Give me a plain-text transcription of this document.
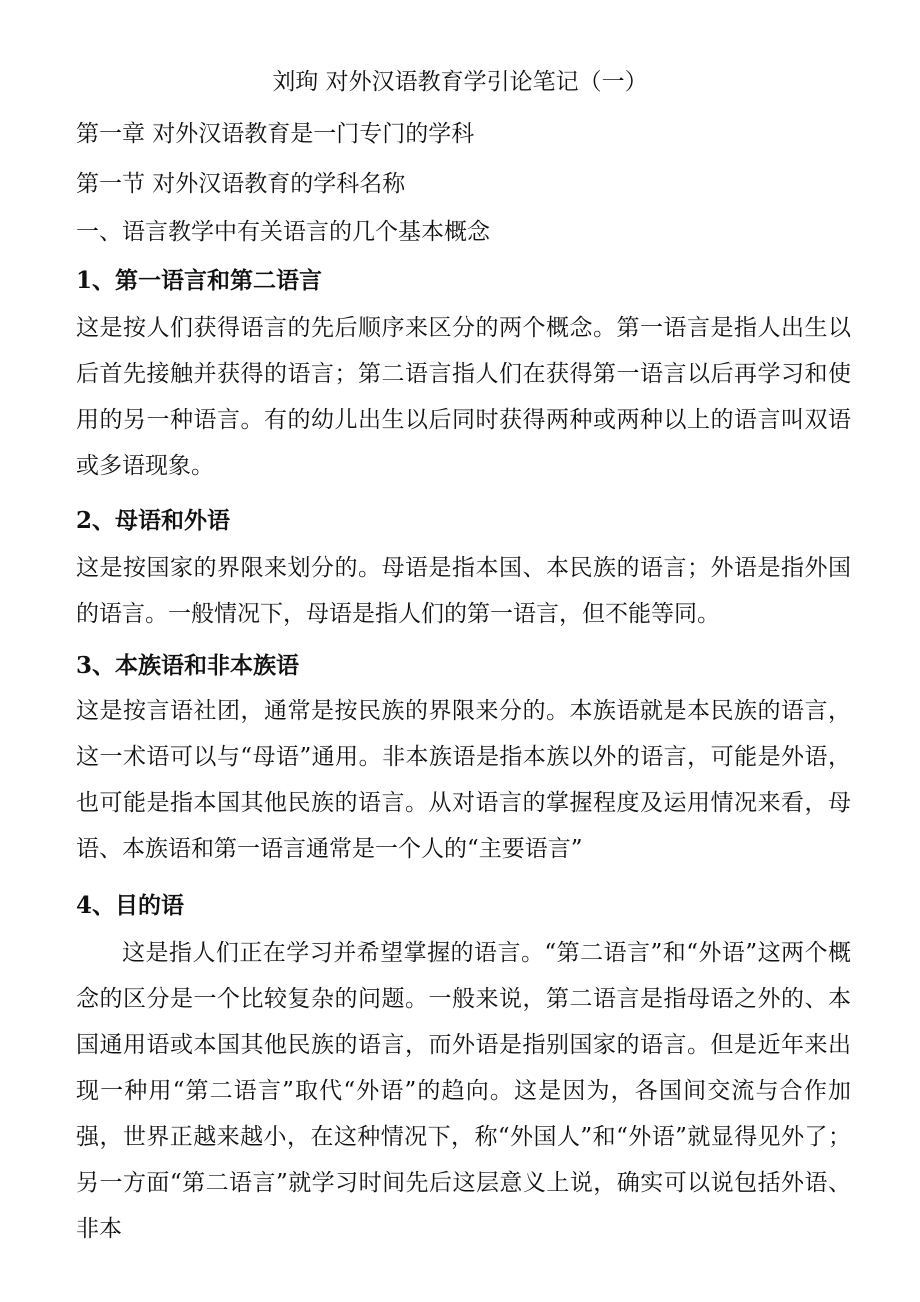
刘珣 对外汉语教育学引论笔记（一）
第一章 对外汉语教育是一门专门的学科
第一节 对外汉语教育的学科名称
一、语言教学中有关语言的几个基本概念
1、第一语言和第二语言
这是按人们获得语言的先后顺序来区分的两个概念。第一语言是指人出生以后首先接触并获得的语言；第二语言指人们在获得第一语言以后再学习和使用的另一种语言。有的幼儿出生以后同时获得两种或两种以上的语言叫双语或多语现象。
2、母语和外语
这是按国家的界限来划分的。母语是指本国、本民族的语言；外语是指外国的语言。一般情况下，母语是指人们的第一语言，但不能等同。
3、本族语和非本族语
这是按言语社团，通常是按民族的界限来分的。本族语就是本民族的语言，这一术语可以与“母语”通用。非本族语是指本族以外的语言，可能是外语，也可能是指本国其他民族的语言。从对语言的掌握程度及运用情况来看，母语、本族语和第一语言通常是一个人的“主要语言”
4、目的语
这是指人们正在学习并希望掌握的语言。“第二语言”和“外语”这两个概念的区分是一个比较复杂的问题。一般来说，第二语言是指母语之外的、本国通用语或本国其他民族的语言，而外语是指别国家的语言。但是近年来出现一种用“第二语言”取代“外语”的趋向。这是因为，各国间交流与合作加强，世界正越来越小，在这种情况下，称“外国人”和“外语”就显得见外了；另一方面“第二语言”就学习时间先后这层意义上说，确实可以说包括外语、非本
